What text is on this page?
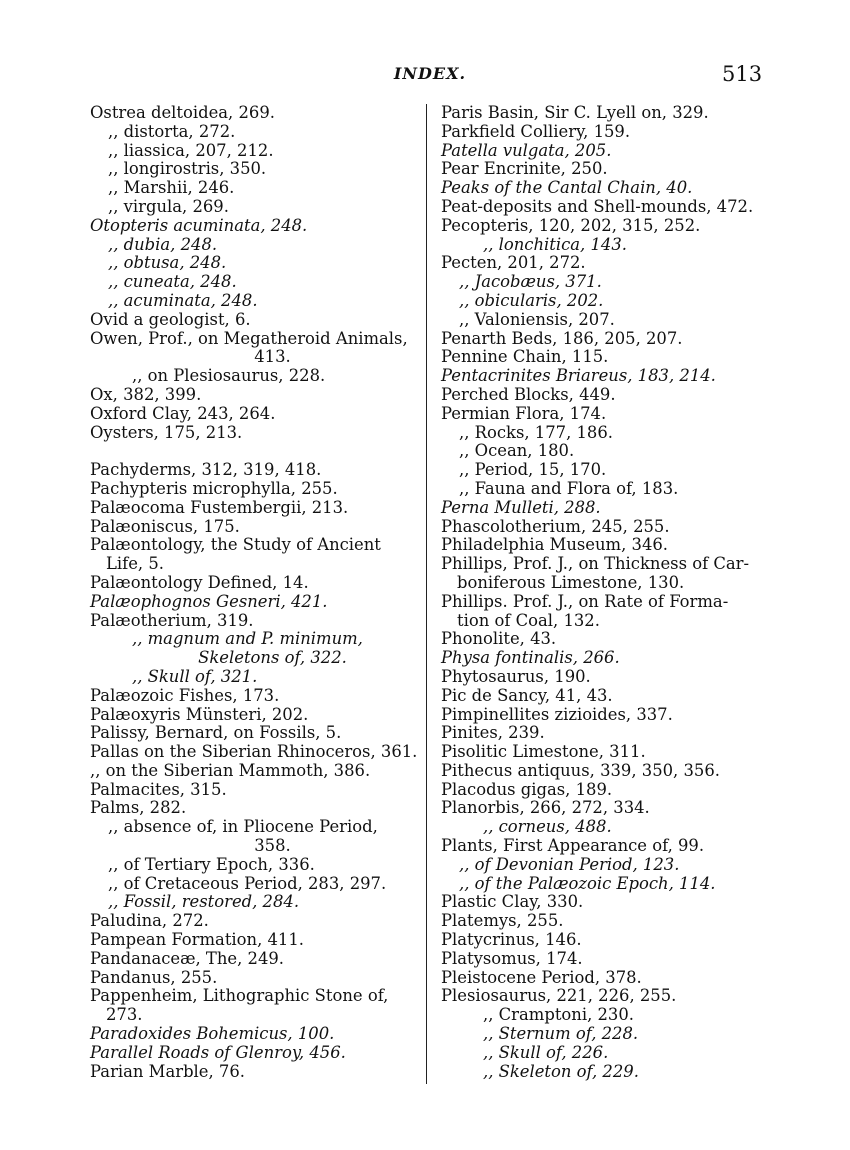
INDEX.	513
Ostrea deltoidea, 269.
,, distorta, 272.
,, liassica, 207, 212.
,, longirostris, 350.
,, Marshii, 246.
,, virgula, 269.
Otopteris acuminata, 248.
,, dubia, 248.
,, obtusa, 248.
,, cuneata, 248.
,, acuminata, 248.
Ovid a geologist, 6.
Owen, Prof., on Megatheroid Animals,
413.
,, on Plesiosaurus, 228.
Ox, 382, 399.
Oxford Clay, 243, 264.
Oysters, 175, 213.
Pachyderms, 312, 319, 418.
Pachypteris microphylla, 255.
Palæocoma Fustembergii, 213.
Palæoniscus, 175.
Palæontology, the Study of Ancient
Life, 5.
Palæontology Defined, 14.
Palæophognos Gesneri, 421.
Palæotherium, 319.
,, magnum and P. minimum,
Skeletons of, 322.
,, Skull of, 321.
Palæozoic Fishes, 173.
Palæoxyris Münsteri, 202.
Palissy, Bernard, on Fossils, 5.
Pallas on the Siberian Rhinoceros, 361.
,, on the Siberian Mammoth, 386.
Palmacites, 315.
Palms, 282.
,, absence of, in Pliocene Period,
358.
,, of Tertiary Epoch, 336.
,, of Cretaceous Period, 283, 297.
,, Fossil, restored, 284.
Paludina, 272.
Pampean Formation, 411.
Pandanaceæ, The, 249.
Pandanus, 255.
Pappenheim, Lithographic Stone of,
273.
Paradoxides Bohemicus, 100.
Parallel Roads of Glenroy, 456.
Parian Marble, 76.
Paris Basin, Sir C. Lyell on, 329.
Parkfield Colliery, 159.
Patella vulgata, 205.
Pear Encrinite, 250.
Peaks of the Cantal Chain, 40.
Peat-deposits and Shell-mounds, 472.
Pecopteris, 120, 202, 315, 252.
,, lonchitica, 143.
Pecten, 201, 272.
,, Jacobæus, 371.
,, obicularis, 202.
,, Valoniensis, 207.
Penarth Beds, 186, 205, 207.
Pennine Chain, 115.
Pentacrinites Briareus, 183, 214.
Perched Blocks, 449.
Permian Flora, 174.
,, Rocks, 177, 186.
,, Ocean, 180.
,, Period, 15, 170.
,, Fauna and Flora of, 183.
Perna Mulleti, 288.
Phascolotherium, 245, 255.
Philadelphia Museum, 346.
Phillips, Prof. J., on Thickness of Car-
boniferous Limestone, 130.
Phillips. Prof. J., on Rate of Forma-
tion of Coal, 132.
Phonolite, 43.
Physa fontinalis, 266.
Phytosaurus, 190.
Pic de Sancy, 41, 43.
Pimpinellites zizioides, 337.
Pinites, 239.
Pisolitic Limestone, 311.
Pithecus antiquus, 339, 350, 356.
Placodus gigas, 189.
Planorbis, 266, 272, 334.
,, corneus, 488.
Plants, First Appearance of, 99.
,, of Devonian Period, 123.
,, of the Palæozoic Epoch, 114.
Plastic Clay, 330.
Platemys, 255.
Platycrinus, 146.
Platysomus, 174.
Pleistocene Period, 378.
Plesiosaurus, 221, 226, 255.
,, Cramptoni, 230.
,, Sternum of, 228.
,, Skull of, 226.
,, Skeleton of, 229.
